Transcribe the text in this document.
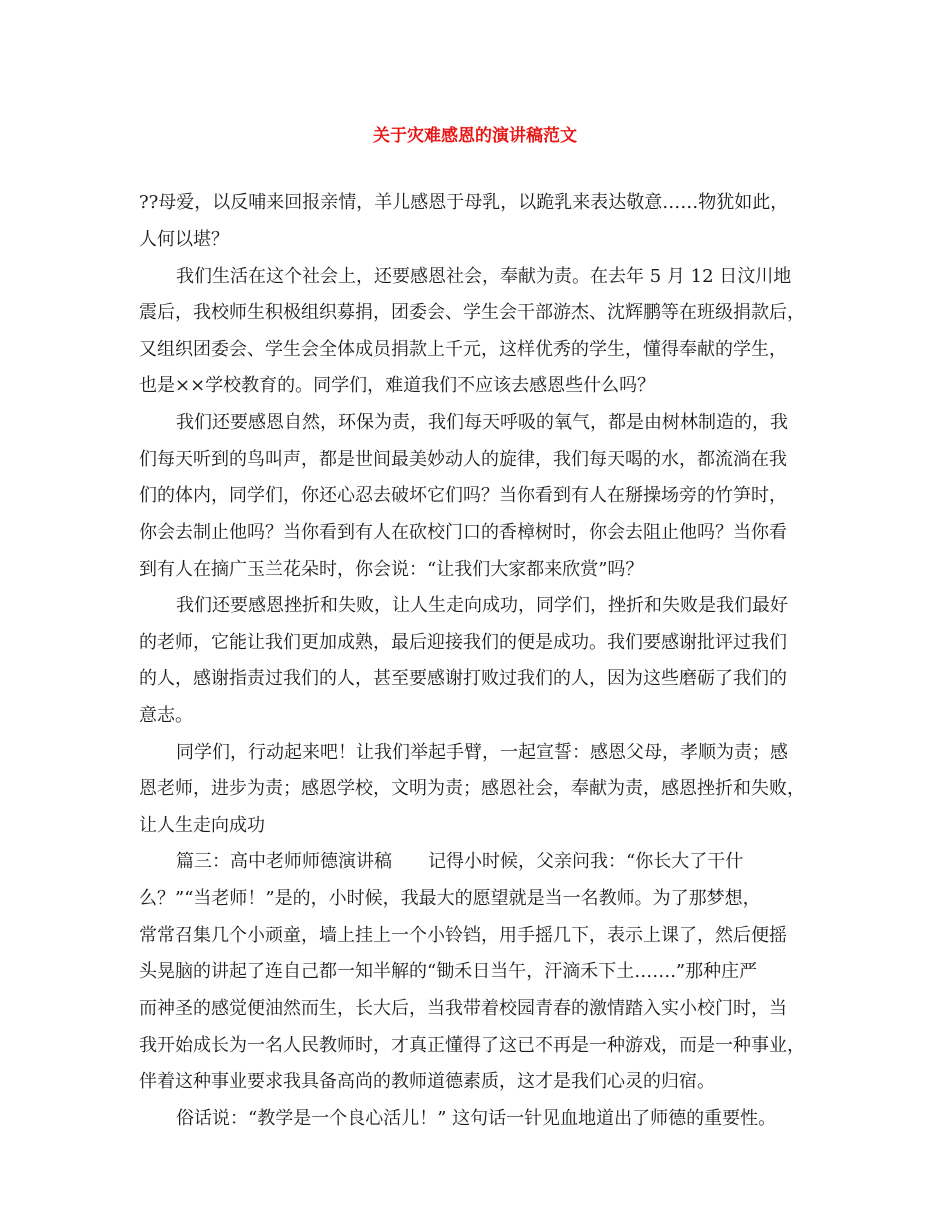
关于灾难感恩的演讲稿范文

??母爱，以反哺来回报亲情，羊儿感恩于母乳，以跪乳来表达敬意……物犹如此，

人何以堪？

我们生活在这个社会上，还要感恩社会，奉献为责。在去年 5 月 12 日汶川地

震后，我校师生积极组织募捐，团委会、学生会干部游杰、沈辉鹏等在班级捐款后，

又组织团委会、学生会全体成员捐款上千元，这样优秀的学生，懂得奉献的学生，

也是××学校教育的。同学们，难道我们不应该去感恩些什么吗？

我们还要感恩自然，环保为责，我们每天呼吸的氧气，都是由树林制造的，我

们每天听到的鸟叫声，都是世间最美妙动人的旋律，我们每天喝的水，都流淌在我

们的体内，同学们，你还心忍去破坏它们吗？当你看到有人在掰操场旁的竹笋时，

你会去制止他吗？当你看到有人在砍校门口的香樟树时，你会去阻止他吗？当你看

到有人在摘广玉兰花朵时，你会说：“让我们大家都来欣赏”吗？

我们还要感恩挫折和失败，让人生走向成功，同学们，挫折和失败是我们最好

的老师，它能让我们更加成熟，最后迎接我们的便是成功。我们要感谢批评过我们

的人，感谢指责过我们的人，甚至要感谢打败过我们的人，因为这些磨砺了我们的

意志。

同学们，行动起来吧！让我们举起手臂，一起宣誓：感恩父母，孝顺为责；感

恩老师，进步为责；感恩学校，文明为责；感恩社会，奉献为责，感恩挫折和失败，

让人生走向成功

篇三：高中老师师德演讲稿　　记得小时候，父亲问我：“你长大了干什

么？”“当老师！”是的，小时候，我最大的愿望就是当一名教师。为了那梦想，

常常召集几个小顽童，墙上挂上一个小铃铛，用手摇几下，表示上课了，然后便摇

头晃脑的讲起了连自己都一知半解的“锄禾日当午，汗滴禾下土…….”那种庄严

而神圣的感觉便油然而生，长大后，当我带着校园青春的激情踏入实小校门时，当

我开始成长为一名人民教师时，才真正懂得了这已不再是一种游戏，而是一种事业，

伴着这种事业要求我具备高尚的教师道德素质，这才是我们心灵的归宿。

俗话说：“教学是一个良心活儿！” 这句话一针见血地道出了师德的重要性。
